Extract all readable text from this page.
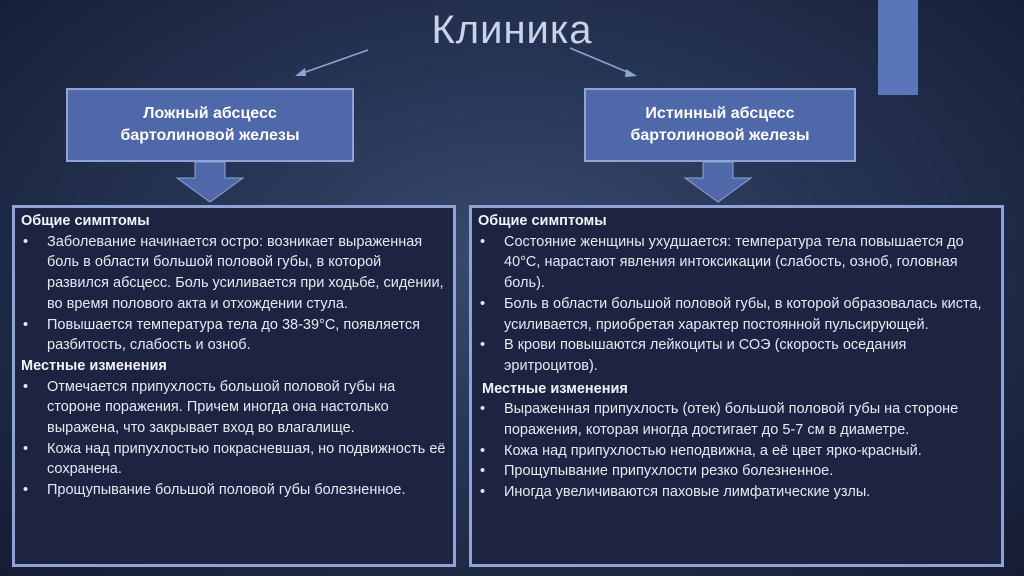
Клиника
Ложный абсцесс
бартолиновой железы
Истинный абсцесс
бартолиновой железы
Общие симптомы
• Заболевание начинается остро: возникает выраженная боль в области большой половой губы, в которой развился абсцесс. Боль усиливается при ходьбе, сидении, во время полового акта и отхождении стула.
• Повышается температура тела до 38-39°С, появляется разбитость, слабость и озноб.
Местные изменения
• Отмечается припухлость большой половой губы на стороне поражения. Причем иногда она настолько выражена, что закрывает вход во влагалище.
• Кожа над припухлостью покрасневшая, но подвижность её сохранена.
• Прощупывание большой половой губы болезненное.
Общие симптомы
• Состояние женщины ухудшается: температура тела повышается до 40°С, нарастают явления интоксикации (слабость, озноб, головная боль).
• Боль в области большой половой губы, в которой образовалась киста, усиливается, приобретая характер постоянной пульсирующей.
• В крови повышаются лейкоциты и СОЭ (скорость оседания эритроцитов).
Местные изменения
• Выраженная припухлость (отек) большой половой губы на стороне поражения, которая иногда достигает до 5-7 см в диаметре.
• Кожа над припухлостью неподвижна, а её цвет ярко-красный.
• Прощупывание припухлости резко болезненное.
• Иногда увеличиваются паховые лимфатические узлы.
